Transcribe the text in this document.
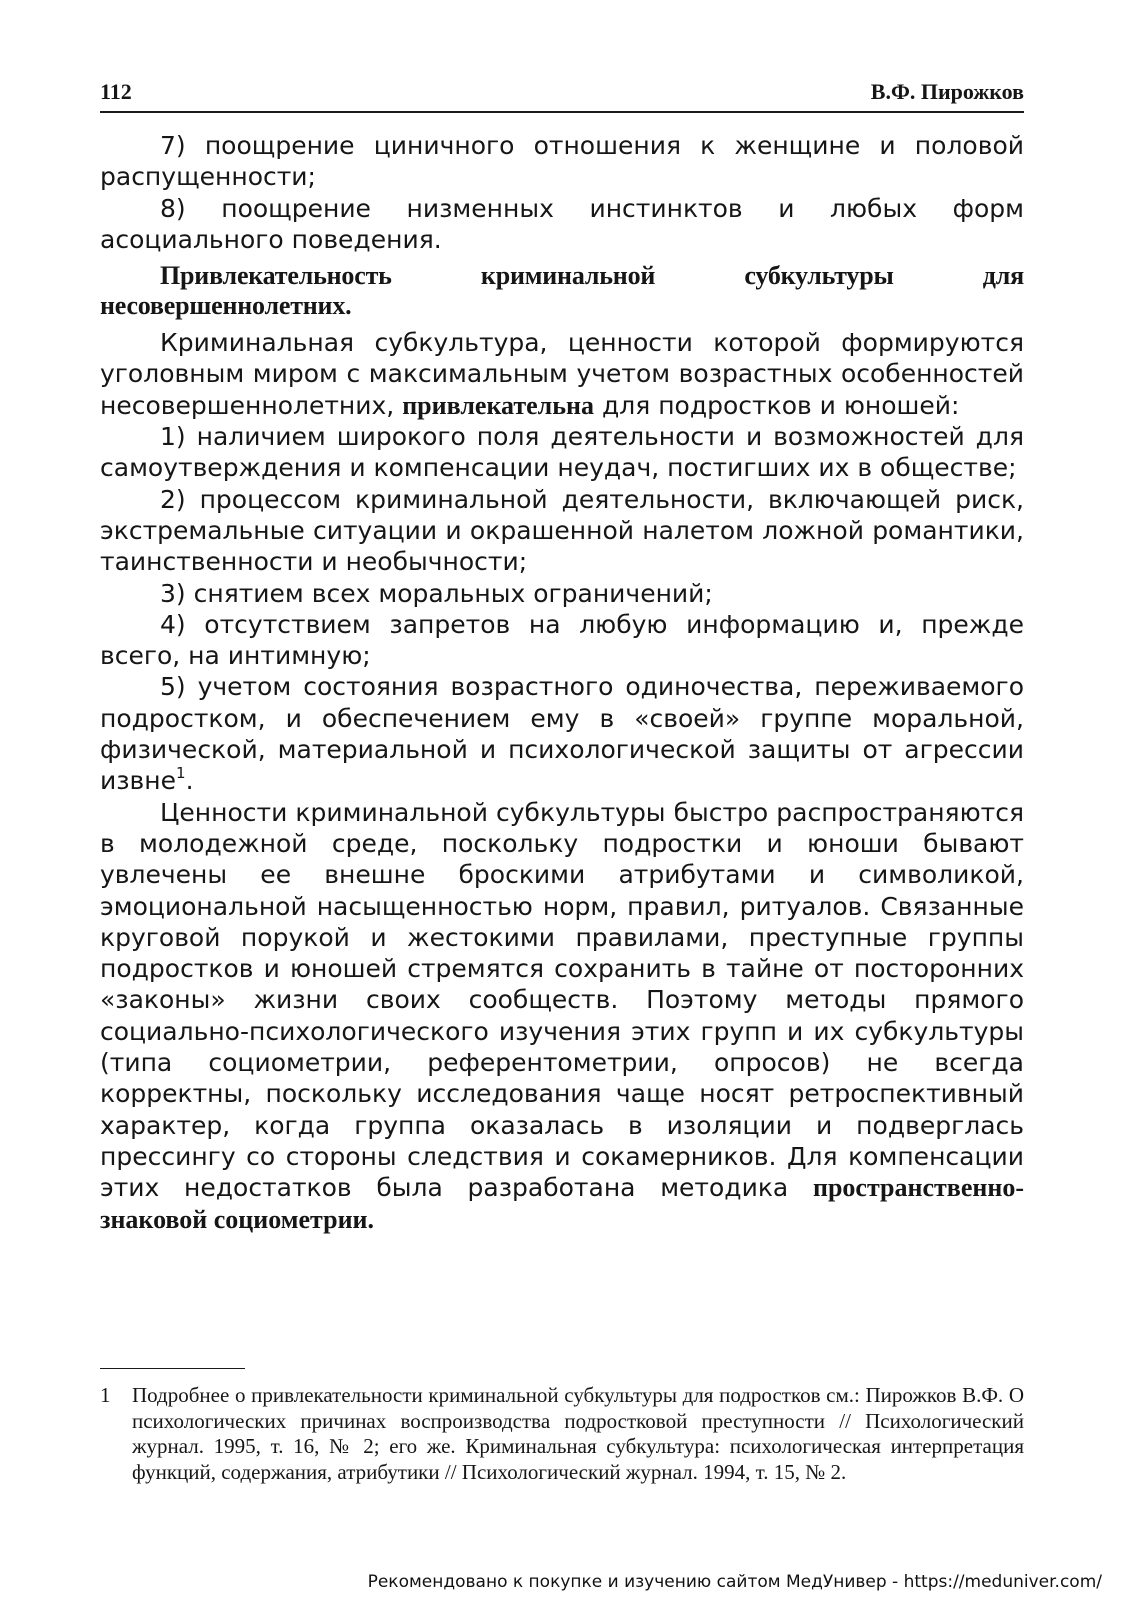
112	В.Ф. Пирожков

7) поощрение циничного отношения к женщине и половой распущенности;

8) поощрение низменных инстинктов и любых форм асоциального поведения.

Привлекательность криминальной субкультуры для несовершеннолетних.

Криминальная субкультура, ценности которой формируются уголовным миром с максимальным учетом возрастных особенностей несовершеннолетних, привлекательна для подростков и юношей:

1) наличием широкого поля деятельности и возможностей для самоутверждения и компенсации неудач, постигших их в обществе;

2) процессом криминальной деятельности, включающей риск, экстремальные ситуации и окрашенной налетом ложной романтики, таинственности и необычности;

3) снятием всех моральных ограничений;

4) отсутствием запретов на любую информацию и, прежде всего, на интимную;

5) учетом состояния возрастного одиночества, переживаемого подростком, и обеспечением ему в «своей» группе моральной, физической, материальной и психологической защиты от агрессии извне$^1$.

Ценности криминальной субкультуры быстро распространяются в молодежной среде, поскольку подростки и юноши бывают увлечены ее внешне броскими атрибутами и символикой, эмоциональной насыщенностью норм, правил, ритуалов. Связанные круговой порукой и жестокими правилами, преступные группы подростков и юношей стремятся сохранить в тайне от посторонних «законы» жизни своих сообществ. Поэтому методы прямого социально-психологического изучения этих групп и их субкультуры (типа социометрии, референтометрии, опросов) не всегда корректны, поскольку исследования чаще носят ретроспективный характер, когда группа оказалась в изоляции и подверглась прессингу со стороны следствия и сокамерников. Для компенсации этих недостатков была разработана методика пространственно-знаковой социометрии.

1 Подробнее о привлекательности криминальной субкультуры для подростков см.: Пирожков В.Ф. О психологических причинах воспроизводства подростковой преступности // Психологический журнал. 1995, т. 16, № 2; его же. Криминальная субкультура: психологическая интерпретация функций, содержания, атрибутики // Психологический журнал. 1994, т. 15, № 2.
Рекомендовано к покупке и изучению сайтом МедУнивер - https://meduniver.com/
